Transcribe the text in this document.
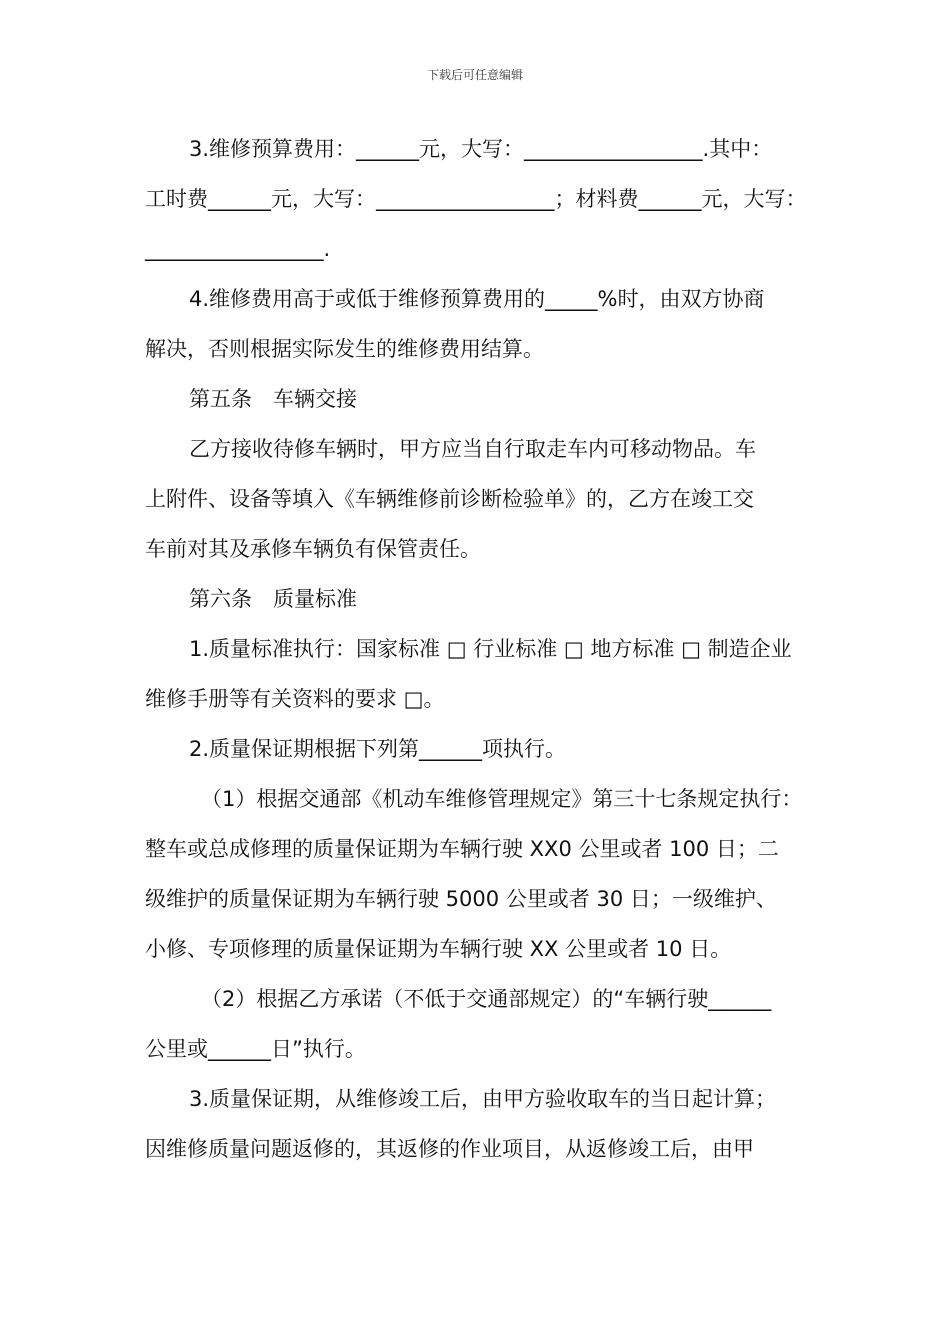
下载后可任意编辑
3.维修预算费用：______元，大写：_________________.其中：
工时费______元，大写：_________________；材料费______元，大写：
_________________.
4.维修费用高于或低于维修预算费用的_____%时，由双方协商
解决，否则根据实际发生的维修费用结算。
第五条　车辆交接
乙方接收待修车辆时，甲方应当自行取走车内可移动物品。车
上附件、设备等填入《车辆维修前诊断检验单》的，乙方在竣工交
车前对其及承修车辆负有保管责任。
第六条　质量标准
1.质量标准执行：国家标准 □ 行业标准 □ 地方标准 □ 制造企业
维修手册等有关资料的要求 □。
2.质量保证期根据下列第______项执行。
（1）根据交通部《机动车维修管理规定》第三十七条规定执行：
整车或总成修理的质量保证期为车辆行驶 XX0 公里或者 100 日；二
级维护的质量保证期为车辆行驶 5000 公里或者 30 日；一级维护、
小修、专项修理的质量保证期为车辆行驶 XX 公里或者 10 日。
（2）根据乙方承诺（不低于交通部规定）的“车辆行驶______
公里或______日”执行。
3.质量保证期，从维修竣工后，由甲方验收取车的当日起计算；
因维修质量问题返修的，其返修的作业项目，从返修竣工后，由甲
